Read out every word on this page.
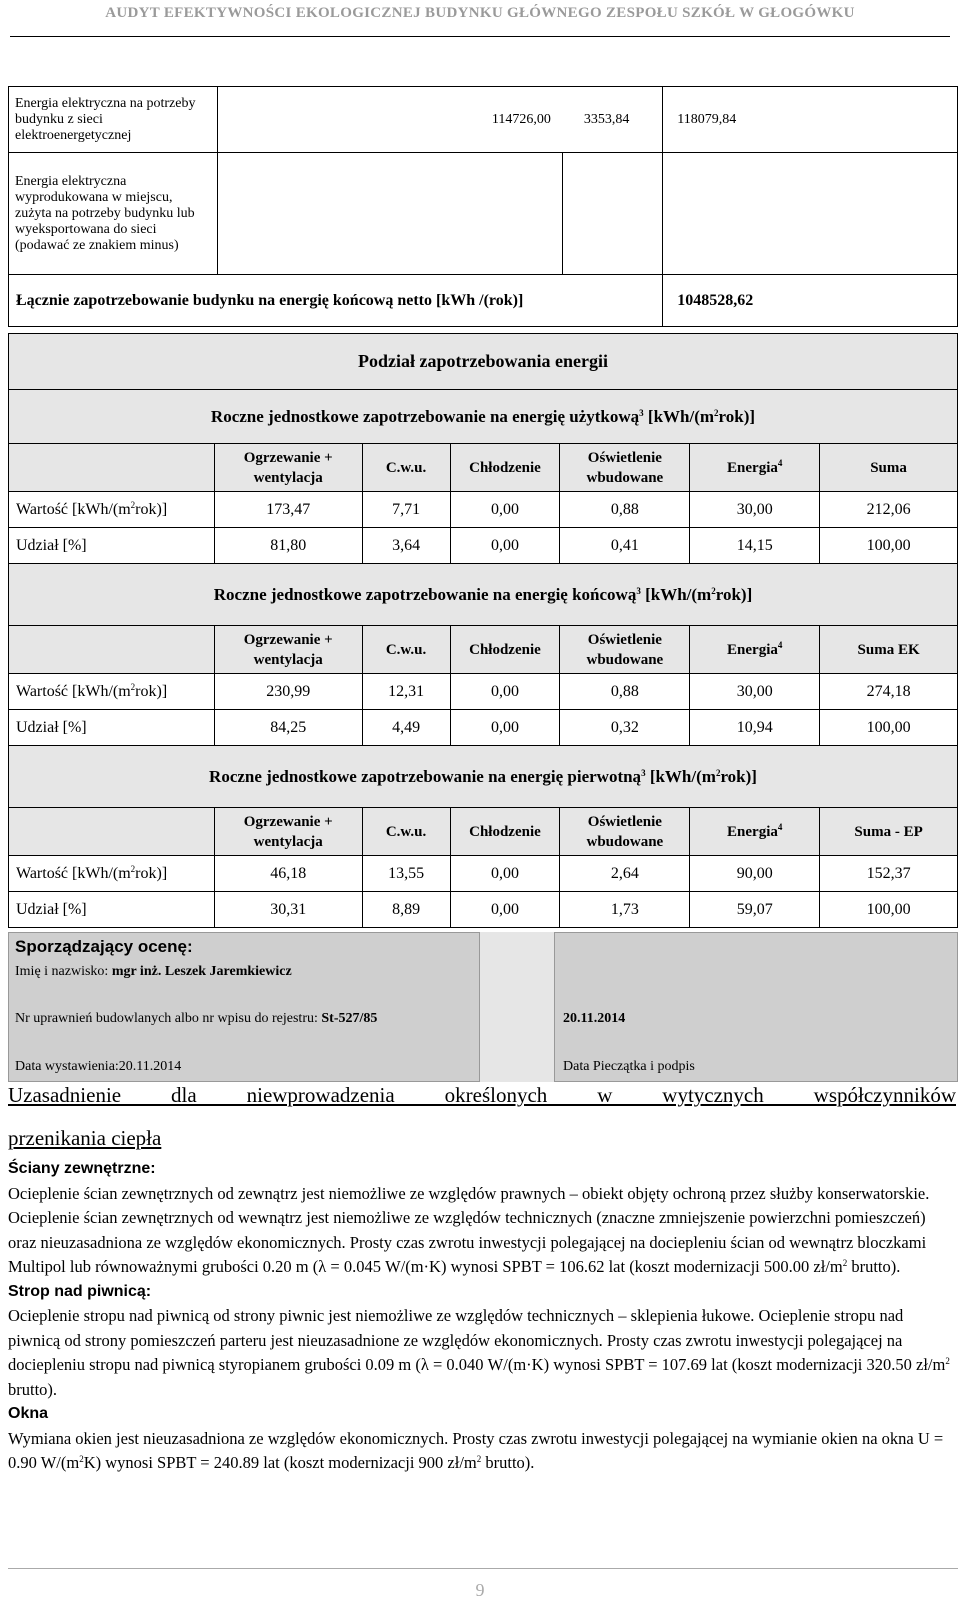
AUDYT EFEKTYWNOŚCI EKOLOGICZNEJ BUDYNKU GŁÓWNEGO ZESPOŁU SZKÓŁ W GŁOGÓWKU
Energia elektryczna na potrzeby budynku z sieci elektroenergetycznej	114726,00	3353,84	118079,84
Energia elektryczna wyprodukowana w miejscu, zużyta na potrzeby budynku lub wyeksportowana do sieci (podawać ze znakiem minus)			
Łącznie zapotrzebowanie budynku na energię końcową netto [kWh /(rok)]			1048528,62
Podział zapotrzebowania energii						
Roczne jednostkowe zapotrzebowanie na energię użytkową$^3$ $[kWh/(m^2rok)]$						
	Ogrzewanie + wentylacja	C.w.u.	Chłodzenie	Oświetlenie wbudowane	Energia$^4$	Suma
Wartość $[kWh/(m^2rok)]$	173,47	7,71	0,00	0,88	30,00	212,06
Udział [%]	81,80	3,64	0,00	0,41	14,15	100,00
Roczne jednostkowe zapotrzebowanie na energię końcową$^3$ $[kWh/(m^2rok)]$						
	Ogrzewanie + wentylacja	C.w.u.	Chłodzenie	Oświetlenie wbudowane	Energia$^4$	Suma EK
Wartość $[kWh/(m^2rok)]$	230,99	12,31	0,00	0,88	30,00	274,18
Udział [%]	84,25	4,49	0,00	0,32	10,94	100,00
Roczne jednostkowe zapotrzebowanie na energię pierwotną$^3$ $[kWh/(m^2rok)]$						
	Ogrzewanie + wentylacja	C.w.u.	Chłodzenie	Oświetlenie wbudowane	Energia$^4$	Suma - EP
Wartość $[kWh/(m^2rok)]$	46,18	13,55	0,00	2,64	90,00	152,37
Udział [%]	30,31	8,89	0,00	1,73	59,07	100,00
Sporządzający ocenę:
Imię i nazwisko: mgr inż. Leszek Jaremkiewicz
Nr uprawnień budowlanych albo nr wpisu do rejestru: St-527/85
Data wystawienia:20.11.2014
20.11.2014
Data Pieczątka i podpis
Uzasadnienie dla niewprowadzenia określonych w wytycznych współczynników
przenikania ciepła

Ściany zewnętrzne:

Ocieplenie ścian zewnętrznych od zewnątrz jest niemożliwe ze względów prawnych – obiekt objęty ochroną przez służby konserwatorskie. Ocieplenie ścian zewnętrznych od wewnątrz jest niemożliwe ze względów technicznych (znaczne zmniejszenie powierzchni pomieszczeń) oraz nieuzasadniona ze względów ekonomicznych. Prosty czas zwrotu inwestycji polegającej na dociepleniu ścian od wewnątrz bloczkami Multipol lub równoważnymi grubości 0.20 m (λ = 0.045 W/(m·K) wynosi SPBT = 106.62 lat (koszt modernizacji 500.00 $zł/m^2$ brutto).

Strop nad piwnicą:

Ocieplenie stropu nad piwnicą od strony piwnic jest niemożliwe ze względów technicznych – sklepienia łukowe. Ocieplenie stropu nad piwnicą od strony pomieszczeń parteru jest nieuzasadnione ze względów ekonomicznych. Prosty czas zwrotu inwestycji polegającej na dociepleniu stropu nad piwnicą styropianem grubości 0.09 m (λ = 0.040 W/(m·K) wynosi SPBT = 107.69 lat (koszt modernizacji 320.50 $zł/m^2$ brutto).

Okna

Wymiana okien jest nieuzasadniona ze względów ekonomicznych. Prosty czas zwrotu inwestycji polegającej na wymianie okien na okna U = 0.90 $W/(m^2K)$ wynosi SPBT = 240.89 lat (koszt modernizacji 900 $zł/m^2$ brutto).

9
